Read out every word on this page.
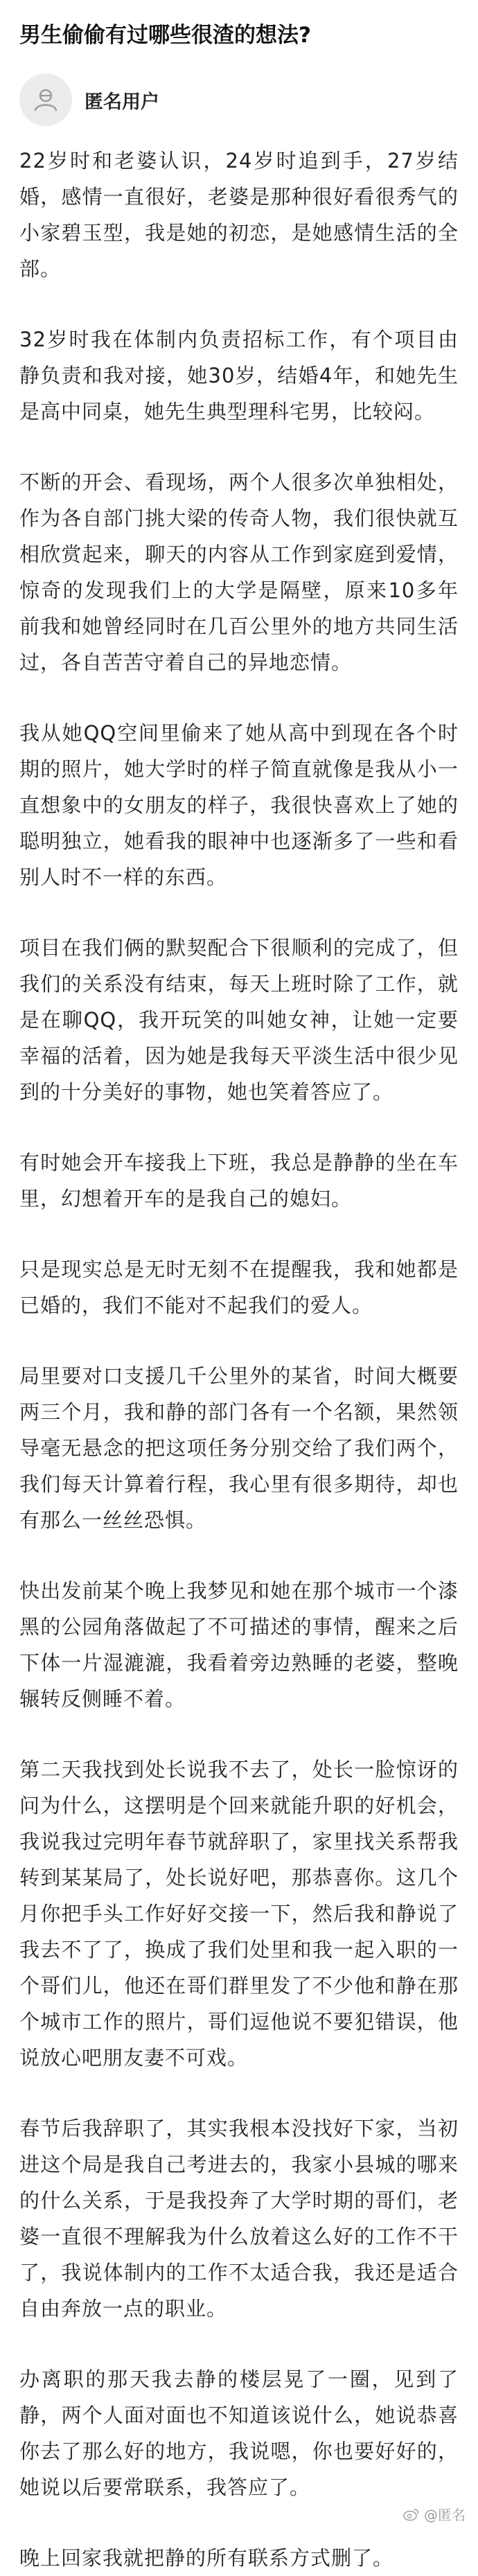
男生偷偷有过哪些很渣的想法?
匿名用户

22岁时和老婆认识，24岁时追到手，27岁结婚，感情一直很好，老婆是那种很好看很秀气的小家碧玉型，我是她的初恋，是她感情生活的全部。

32岁时我在体制内负责招标工作，有个项目由静负责和我对接，她30岁，结婚4年，和她先生是高中同桌，她先生典型理科宅男，比较闷。

不断的开会、看现场，两个人很多次单独相处，作为各自部门挑大梁的传奇人物，我们很快就互相欣赏起来，聊天的内容从工作到家庭到爱情，惊奇的发现我们上的大学是隔壁，原来10多年前我和她曾经同时在几百公里外的地方共同生活过，各自苦苦守着自己的异地恋情。

我从她QQ空间里偷来了她从高中到现在各个时期的照片，她大学时的样子简直就像是我从小一直想象中的女朋友的样子，我很快喜欢上了她的聪明独立，她看我的眼神中也逐渐多了一些和看别人时不一样的东西。

项目在我们俩的默契配合下很顺利的完成了，但我们的关系没有结束，每天上班时除了工作，就是在聊QQ，我开玩笑的叫她女神，让她一定要幸福的活着，因为她是我每天平淡生活中很少见到的十分美好的事物，她也笑着答应了。

有时她会开车接我上下班，我总是静静的坐在车里，幻想着开车的是我自己的媳妇。

只是现实总是无时无刻不在提醒我，我和她都是已婚的，我们不能对不起我们的爱人。

局里要对口支援几千公里外的某省，时间大概要两三个月，我和静的部门各有一个名额，果然领导毫无悬念的把这项任务分别交给了我们两个，我们每天计算着行程，我心里有很多期待，却也有那么一丝丝恐惧。

快出发前某个晚上我梦见和她在那个城市一个漆黑的公园角落做起了不可描述的事情，醒来之后下体一片湿漉漉，我看着旁边熟睡的老婆，整晚辗转反侧睡不着。

第二天我找到处长说我不去了，处长一脸惊讶的问为什么，这摆明是个回来就能升职的好机会，我说我过完明年春节就辞职了，家里找关系帮我转到某某局了，处长说好吧，那恭喜你。这几个月你把手头工作好好交接一下，然后我和静说了我去不了了，换成了我们处里和我一起入职的一个哥们儿，他还在哥们群里发了不少他和静在那个城市工作的照片，哥们逗他说不要犯错误，他说放心吧朋友妻不可戏。

春节后我辞职了，其实我根本没找好下家，当初进这个局是我自己考进去的，我家小县城的哪来的什么关系，于是我投奔了大学时期的哥们，老婆一直很不理解我为什么放着这么好的工作不干了，我说体制内的工作不太适合我，我还是适合自由奔放一点的职业。

办离职的那天我去静的楼层晃了一圈，见到了静，两个人面对面也不知道该说什么，她说恭喜你去了那么好的地方，我说嗯，你也要好好的，她说以后要常联系，我答应了。

晚上回家我就把静的所有联系方式删了。

@匿名
